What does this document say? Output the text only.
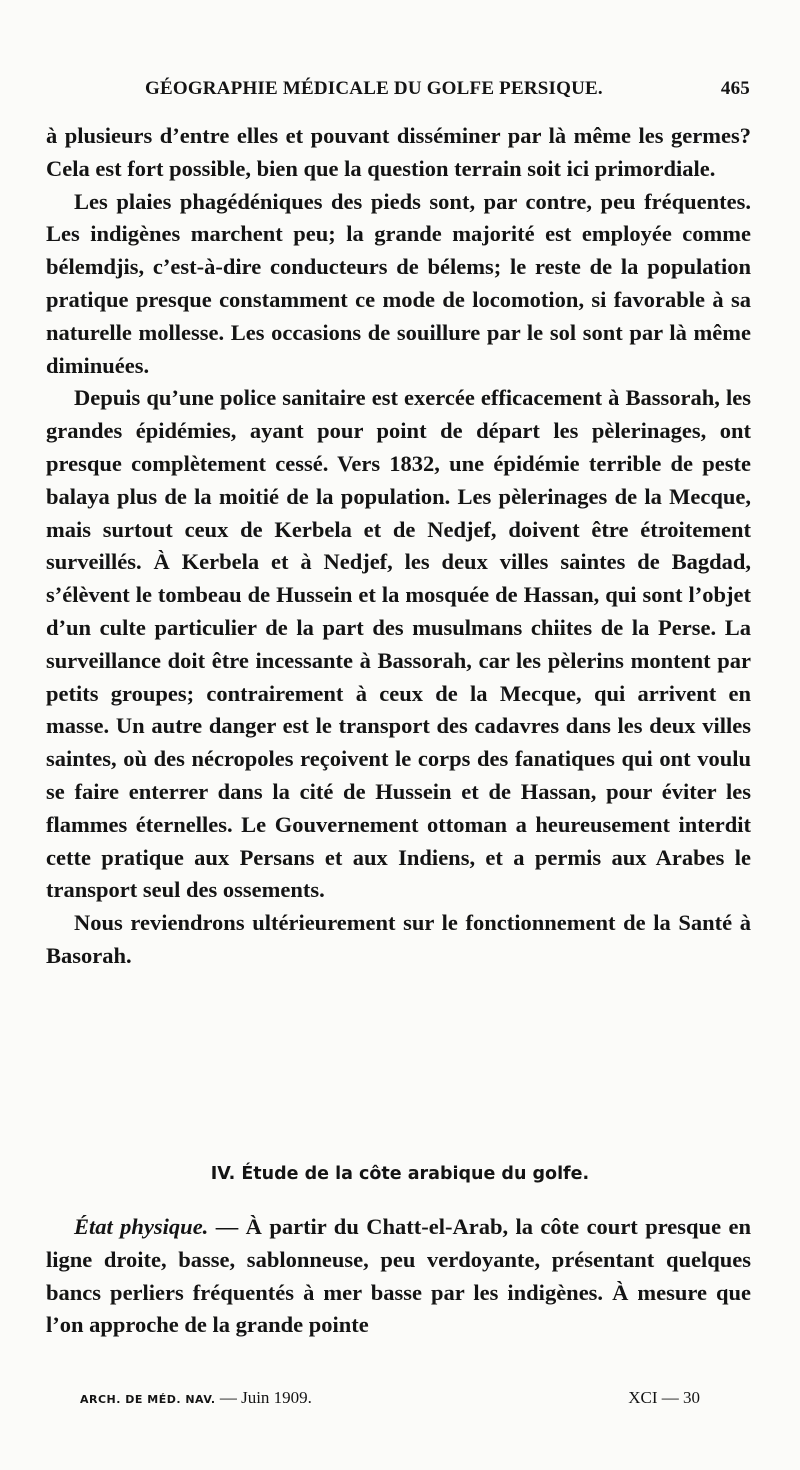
GÉOGRAPHIE MÉDICALE DU GOLFE PERSIQUE.	465

à plusieurs d’entre elles et pouvant disséminer par là même les germes? Cela est fort possible, bien que la question terrain soit ici primordiale.

Les plaies phagédéniques des pieds sont, par contre, peu fréquentes. Les indigènes marchent peu; la grande majorité est employée comme bélemdjis, c’est-à-dire conducteurs de bélems; le reste de la population pratique presque constamment ce mode de locomotion, si favorable à sa naturelle mollesse. Les occasions de souillure par le sol sont par là même diminuées.

Depuis qu’une police sanitaire est exercée efficacement à Bassorah, les grandes épidémies, ayant pour point de départ les pèlerinages, ont presque complètement cessé. Vers 1832, une épidémie terrible de peste balaya plus de la moitié de la population. Les pèlerinages de la Mecque, mais surtout ceux de Kerbela et de Nedjef, doivent être étroitement surveillés. À Kerbela et à Nedjef, les deux villes saintes de Bagdad, s’élèvent le tombeau de Hussein et la mosquée de Hassan, qui sont l’objet d’un culte particulier de la part des musulmans chiites de la Perse. La surveillance doit être incessante à Bassorah, car les pèlerins montent par petits groupes; contrairement à ceux de la Mecque, qui arrivent en masse. Un autre danger est le transport des cadavres dans les deux villes saintes, où des nécropoles reçoivent le corps des fanatiques qui ont voulu se faire enterrer dans la cité de Hussein et de Hassan, pour éviter les flammes éternelles. Le Gouvernement ottoman a heureusement interdit cette pratique aux Persans et aux Indiens, et a permis aux Arabes le transport seul des ossements.

Nous reviendrons ultérieurement sur le fonctionnement de la Santé à Basorah.

IV. Étude de la côte arabique du golfe.

État physique. — À partir du Chatt-el-Arab, la côte court presque en ligne droite, basse, sablonneuse, peu verdoyante, présentant quelques bancs perliers fréquentés à mer basse par les indigènes. À mesure que l’on approche de la grande pointe

ARCH. DE MÉD. NAV. — Juin 1909.	XCI — 30
